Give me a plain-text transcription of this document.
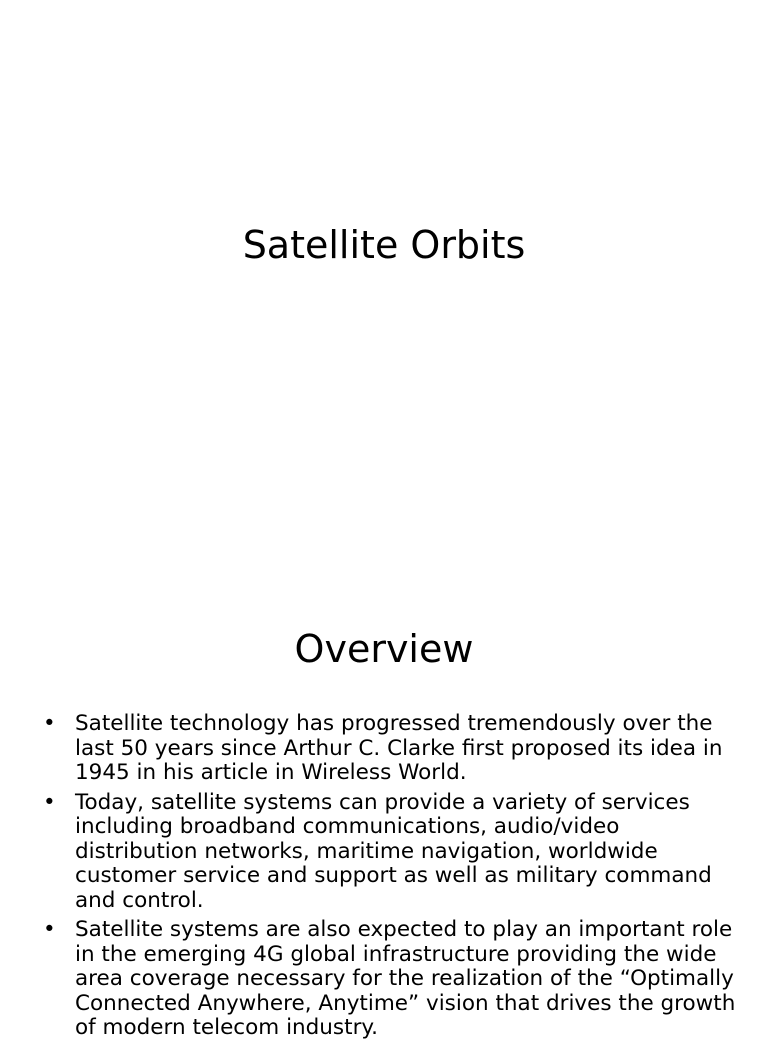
Satellite Orbits
Overview
• Satellite technology has progressed tremendously over the
last 50 years since Arthur C. Clarke first proposed its idea in
1945 in his article in Wireless World.
• Today, satellite systems can provide a variety of services
including broadband communications, audio/video
distribution networks, maritime navigation, worldwide
customer service and support as well as military command
and control.
• Satellite systems are also expected to play an important role
in the emerging 4G global infrastructure providing the wide
area coverage necessary for the realization of the “Optimally
Connected Anywhere, Anytime” vision that drives the growth
of modern telecom industry.
